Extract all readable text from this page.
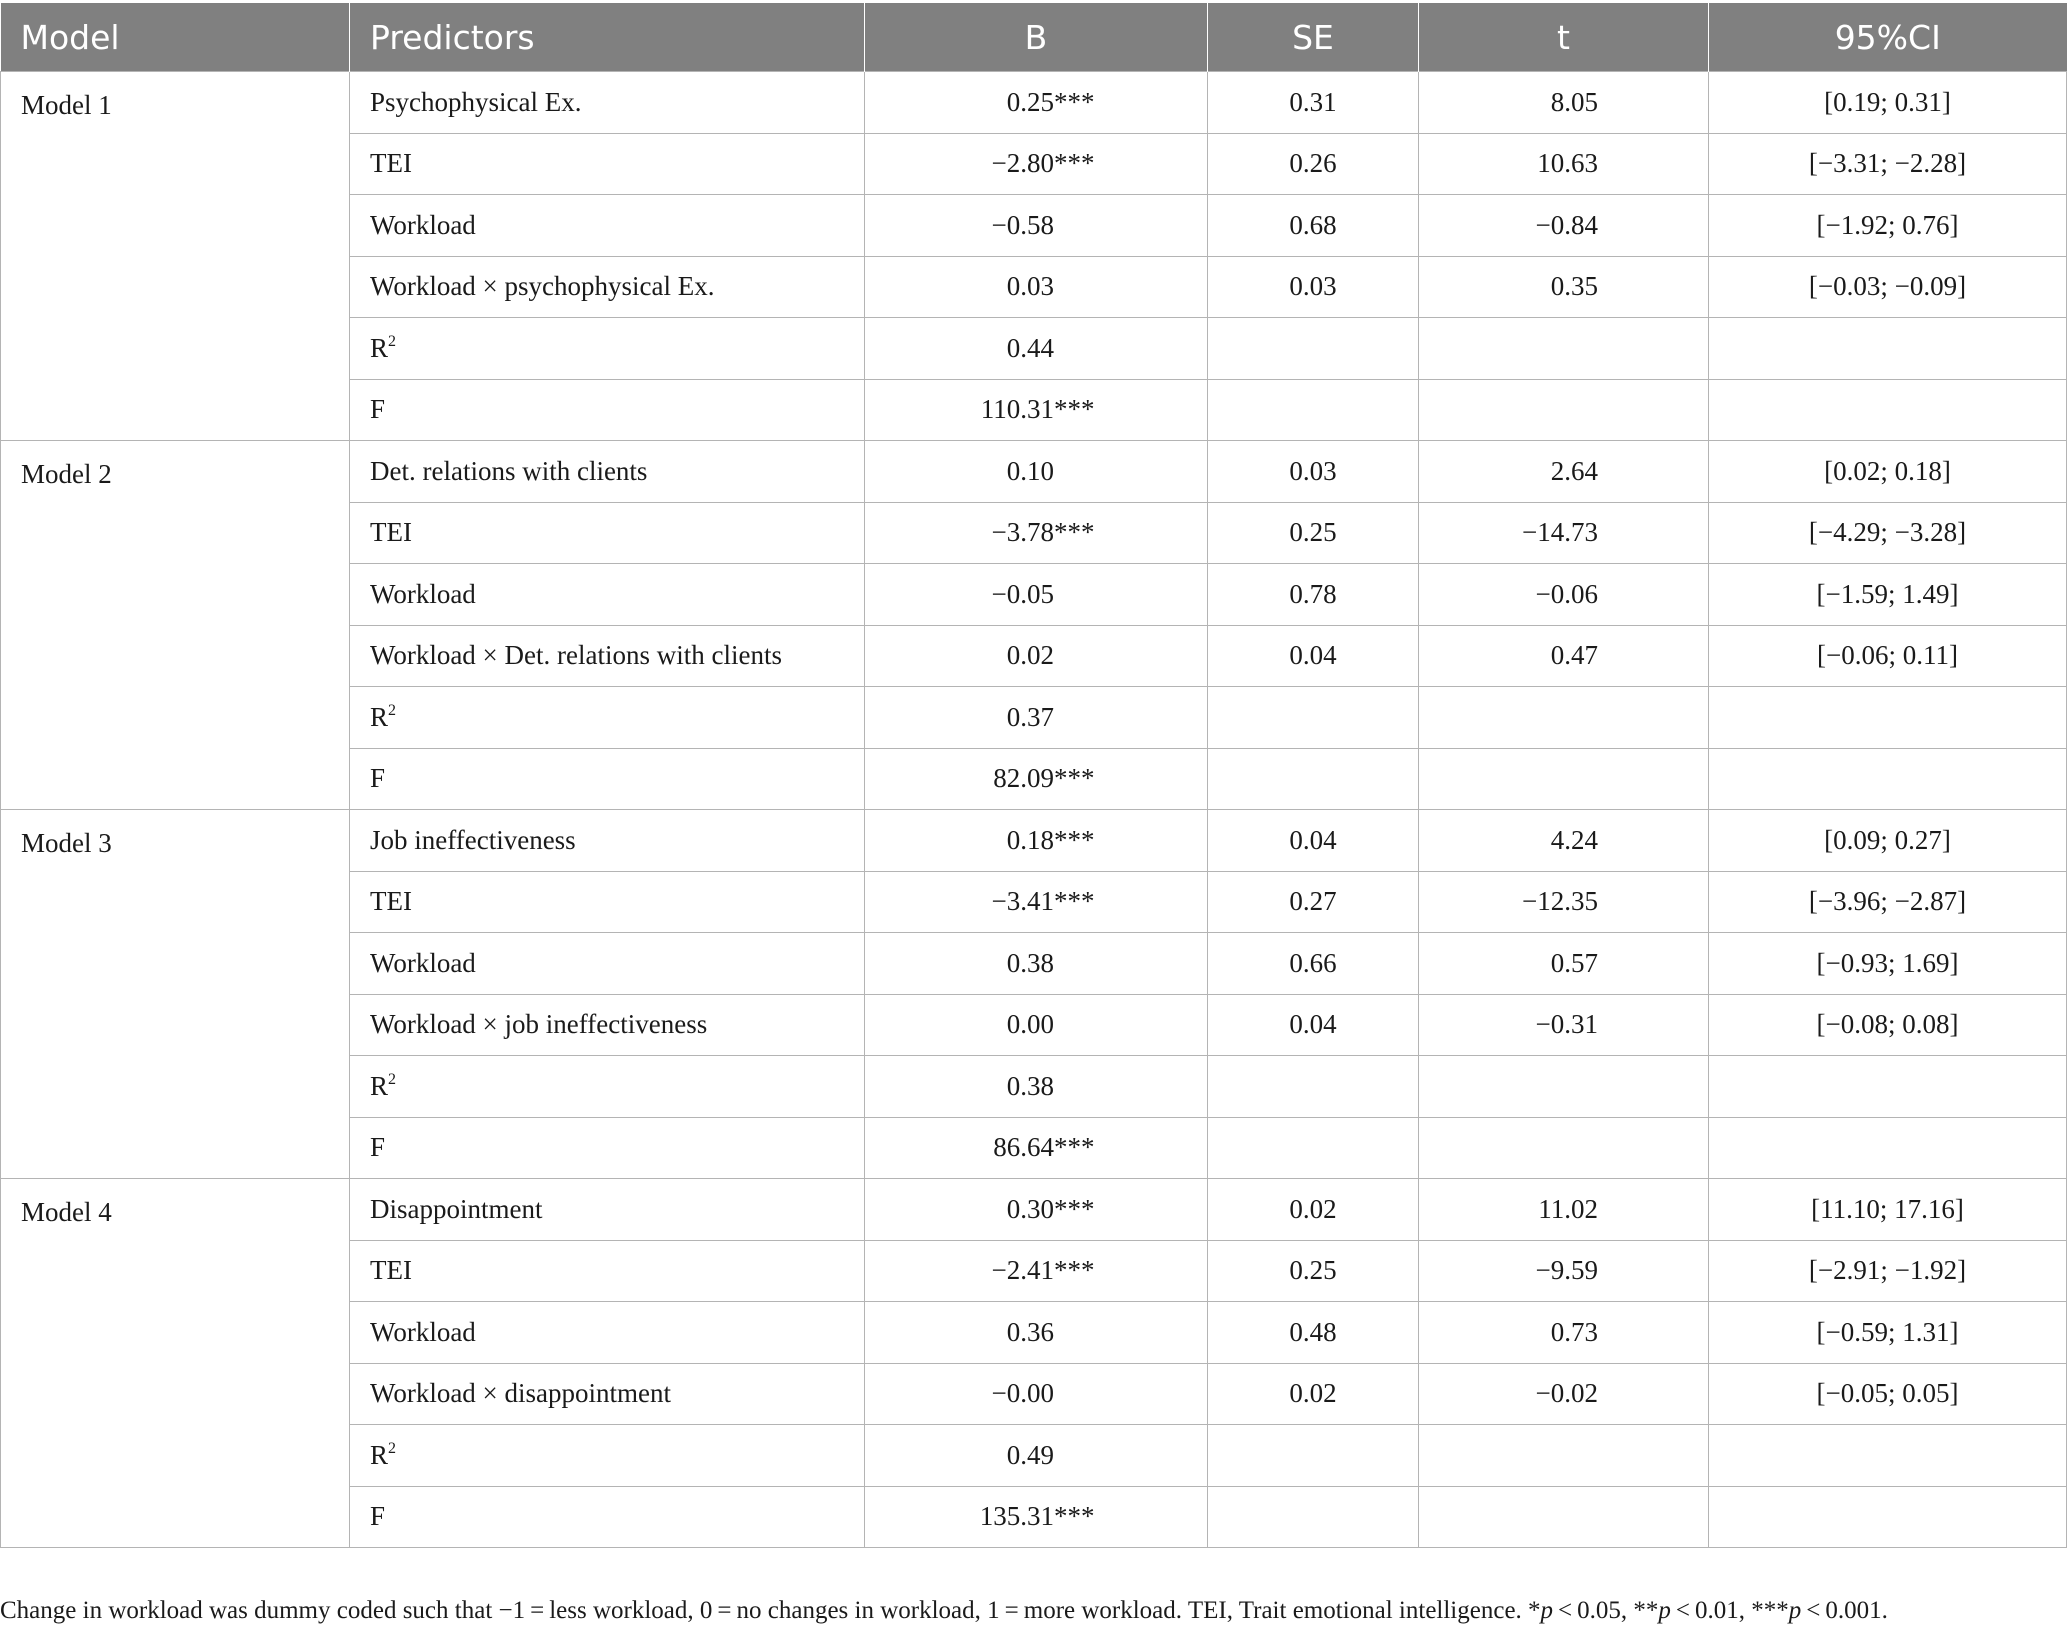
Model	Predictors	B	SE	t	95%CI
Model 1	Psychophysical Ex.	0.25***	0.31	8.05	[0.19; 0.31]
	TEI	−2.80***	0.26	10.63	[−3.31; −2.28]
	Workload	−0.58	0.68	−0.84	[−1.92; 0.76]
	Workload × psychophysical Ex.	0.03	0.03	0.35	[−0.03; −0.09]
	$R^2$	0.44			
	F	110.31***			
Model 2	Det. relations with clients	0.10	0.03	2.64	[0.02; 0.18]
	TEI	−3.78***	0.25	−14.73	[−4.29; −3.28]
	Workload	−0.05	0.78	−0.06	[−1.59; 1.49]
	Workload × Det. relations with clients	0.02	0.04	0.47	[−0.06; 0.11]
	$R^2$	0.37			
	F	82.09***			
Model 3	Job ineffectiveness	0.18***	0.04	4.24	[0.09; 0.27]
	TEI	−3.41***	0.27	−12.35	[−3.96; −2.87]
	Workload	0.38	0.66	0.57	[−0.93; 1.69]
	Workload × job ineffectiveness	0.00	0.04	−0.31	[−0.08; 0.08]
	$R^2$	0.38			
	F	86.64***			
Model 4	Disappointment	0.30***	0.02	11.02	[11.10; 17.16]
	TEI	−2.41***	0.25	−9.59	[−2.91; −1.92]
	Workload	0.36	0.48	0.73	[−0.59; 1.31]
	Workload × disappointment	−0.00	0.02	−0.02	[−0.05; 0.05]
	$R^2$	0.49			
	F	135.31***			
Change in workload was dummy coded such that −1 = less workload, 0 = no changes in workload, 1 = more workload. TEI, Trait emotional intelligence. *p < 0.05, **p < 0.01, ***p < 0.001.
